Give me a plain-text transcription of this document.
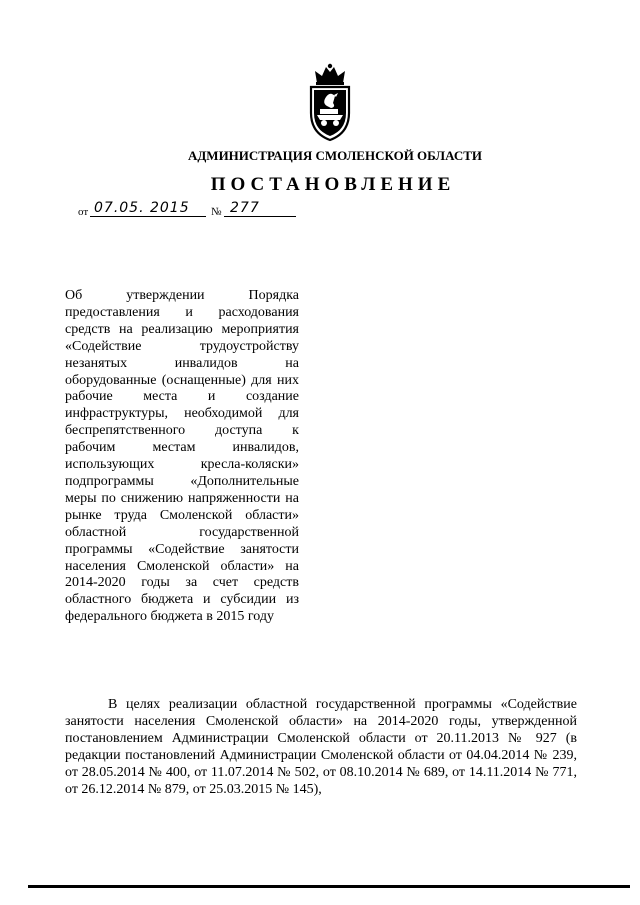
АДМИНИСТРАЦИЯ СМОЛЕНСКОЙ ОБЛАСТИ
ПОСТАНОВЛЕНИЕ
от 07.05. 2015 № 277
Об утверждении Порядка предоставления и расходования средств на реализацию мероприятия «Содействие трудоустройству незанятых инвалидов на оборудованные (оснащенные) для них рабочие места и создание инфраструктуры, необходимой для беспрепятственного доступа к рабочим местам инвалидов, использующих кресла-коляски» подпрограммы «Дополнительные меры по снижению напряженности на рынке труда Смоленской области» областной государственной программы «Содействие занятости населения Смоленской области» на 2014-2020 годы за счет средств областного бюджета и субсидии из федерального бюджета в 2015 году
В целях реализации областной государственной программы «Содействие занятости населения Смоленской области» на 2014-2020 годы, утвержденной постановлением Администрации Смоленской области от 20.11.2013 № 927 (в редакции постановлений Администрации Смоленской области от 04.04.2014 № 239, от 28.05.2014 № 400, от 11.07.2014 № 502, от 08.10.2014 № 689, от 14.11.2014 № 771, от 26.12.2014 № 879, от 25.03.2015 № 145),
